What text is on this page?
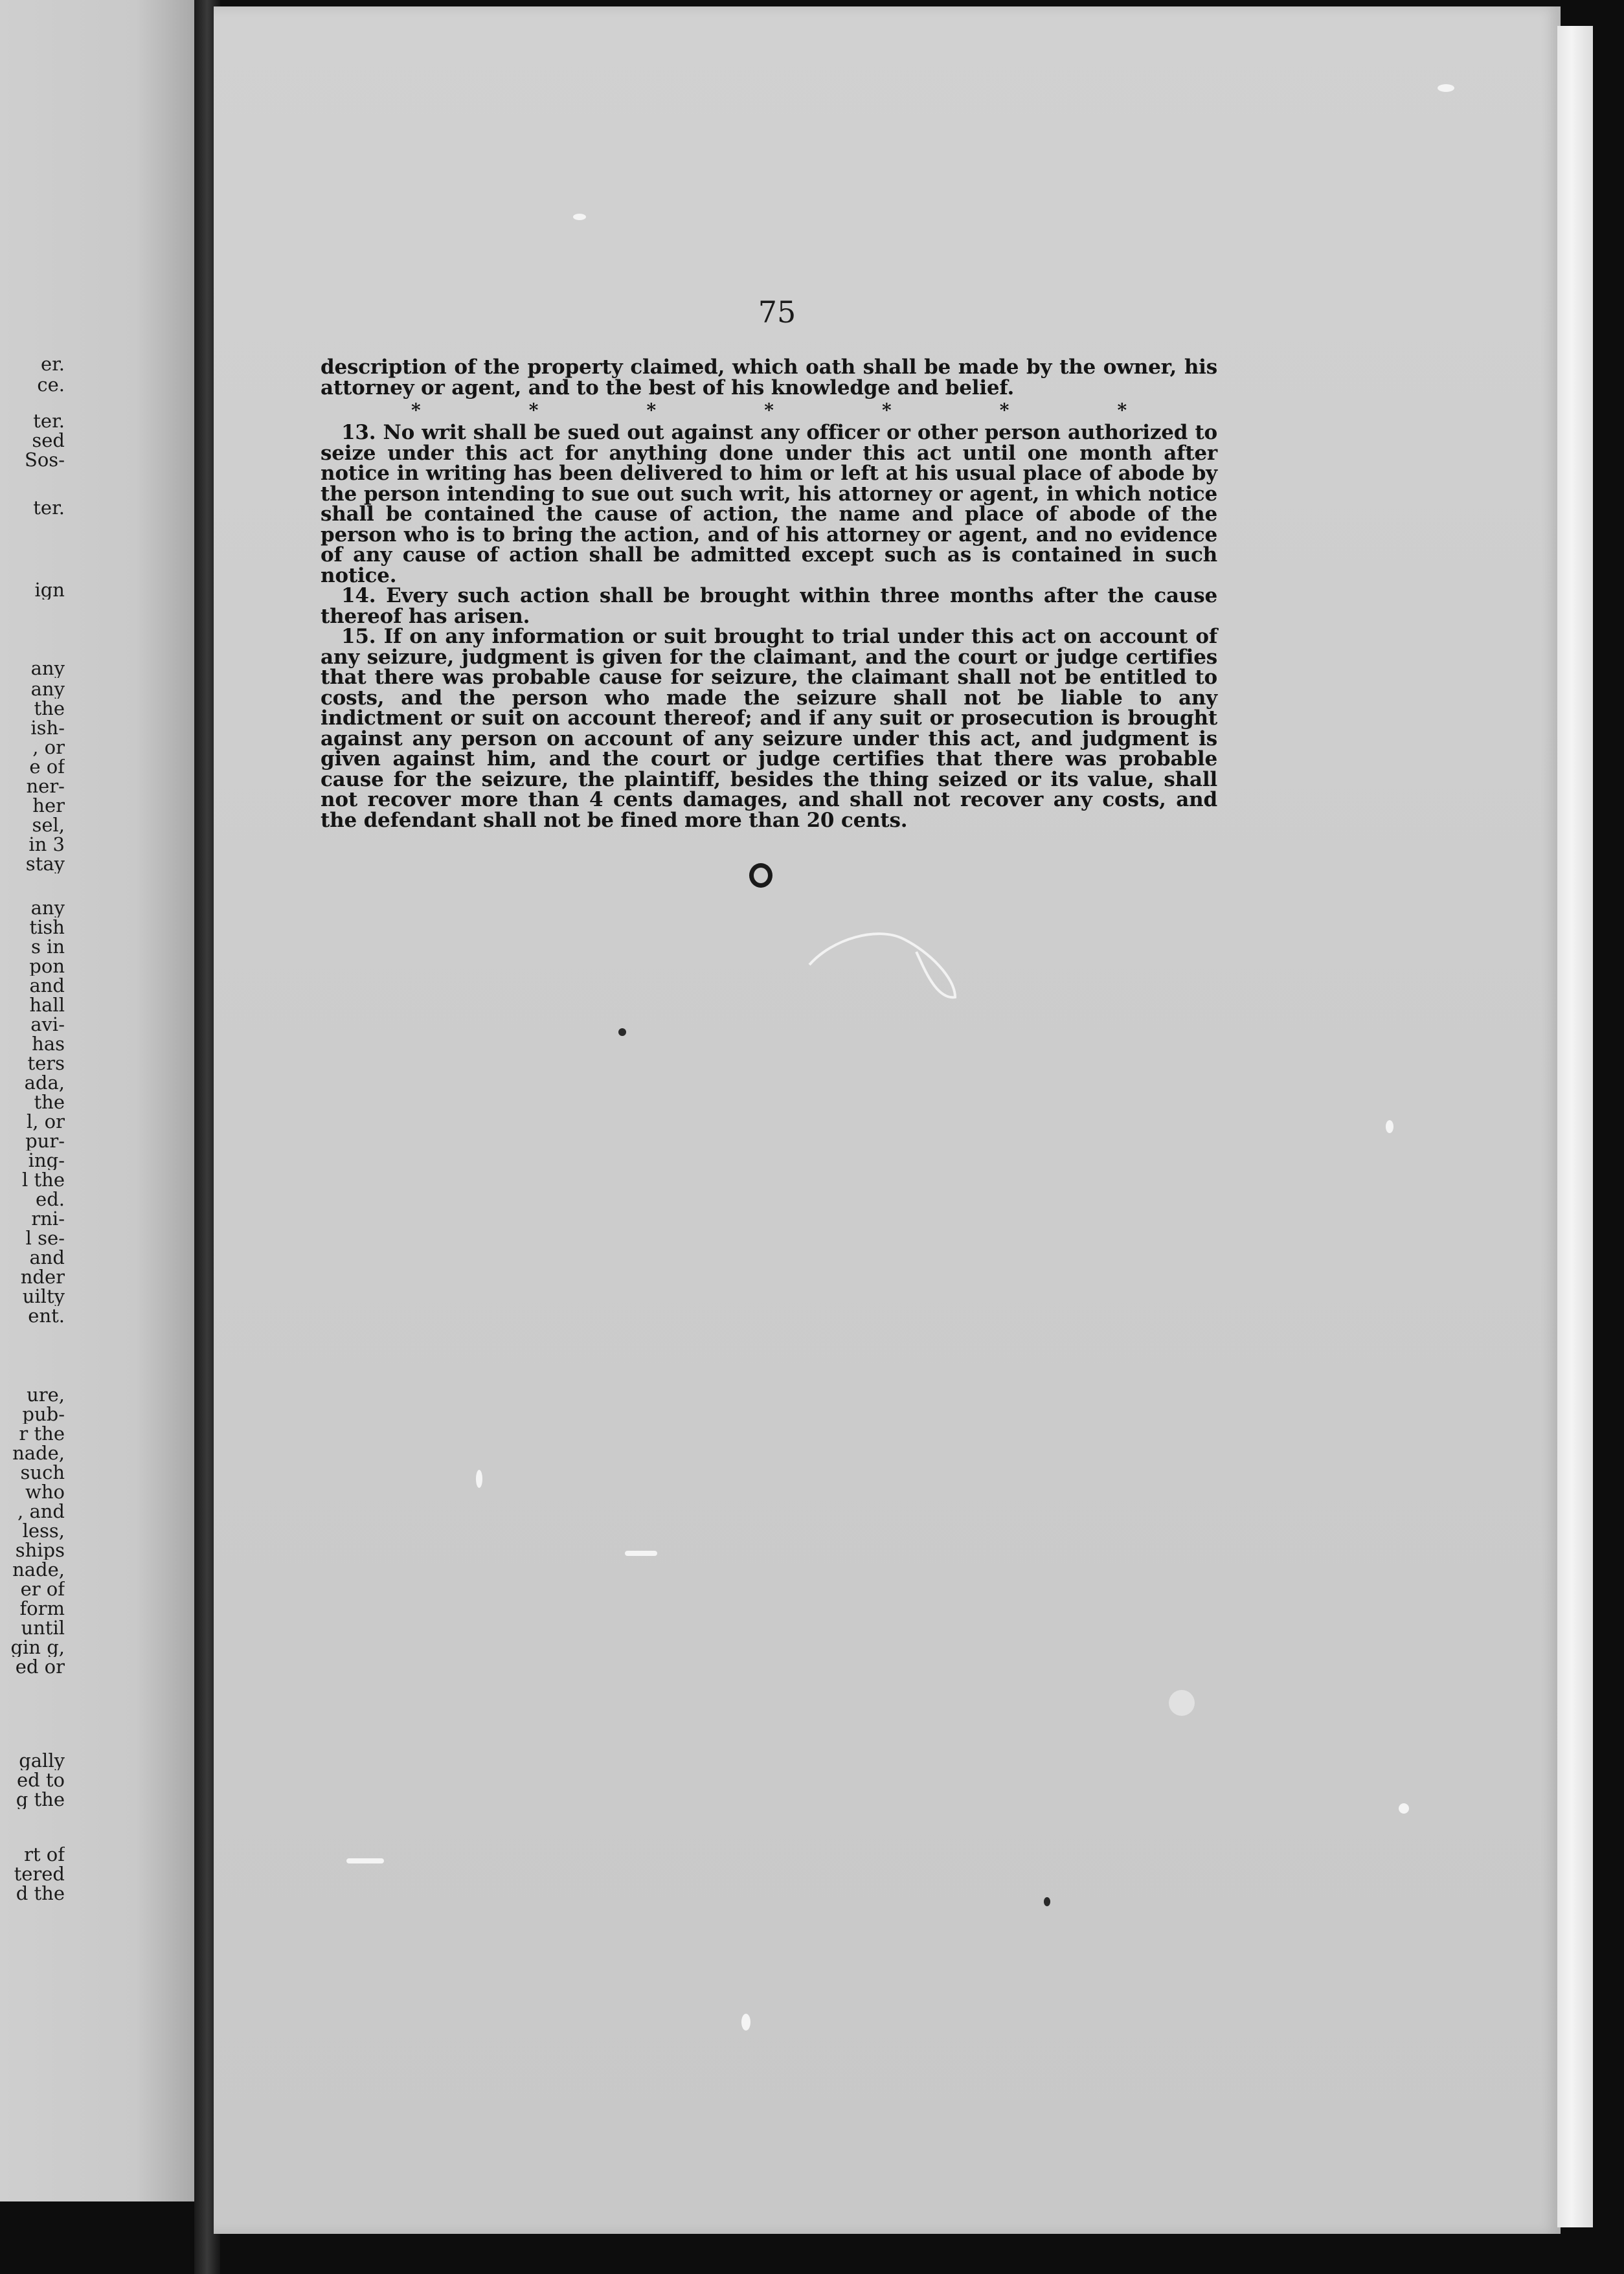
er.
ce.
ter.
sed
Sos-
ter.
ign
any
any
the
ish-
, or
e of
ner-
her
sel,
in 3
stay
any
tish
s in
pon
and
hall
avi-
has
ters
ada,
the
l, or
pur-
ing-
l the
ed.
rni-
l se-
and
nder
uilty
ent.
ure,
pub-
r the
nade,
such
who
, and
less,
ships
nade,
er of
form
until
gin g,
ed or
gally
ed to
g the
rt of
tered
d the
75

description of the property claimed, which oath shall be made by the owner, his attorney or agent, and to the best of his knowledge and belief.

*	*	*	*	*	*	*

13. No writ shall be sued out against any officer or other person authorized to seize under this act for anything done under this act until one month after notice in writing has been delivered to him or left at his usual place of abode by the person intending to sue out such writ, his attorney or agent, in which notice shall be contained the cause of action, the name and place of abode of the person who is to bring the action, and of his attorney or agent, and no evidence of any cause of action shall be admitted except such as is contained in such notice.

14. Every such action shall be brought within three months after the cause thereof has arisen.

15. If on any information or suit brought to trial under this act on account of any seizure, judgment is given for the claimant, and the court or judge certifies that there was probable cause for seizure, the claimant shall not be entitled to costs, and the person who made the seizure shall not be liable to any indictment or suit on account thereof; and if any suit or prosecution is brought against any person on account of any seizure under this act, and judgment is given against him, and the court or judge certifies that there was probable cause for the seizure, the plaintiff, besides the thing seized or its value, shall not recover more than 4 cents damages, and shall not recover any costs, and the defendant shall not be fined more than 20 cents.
